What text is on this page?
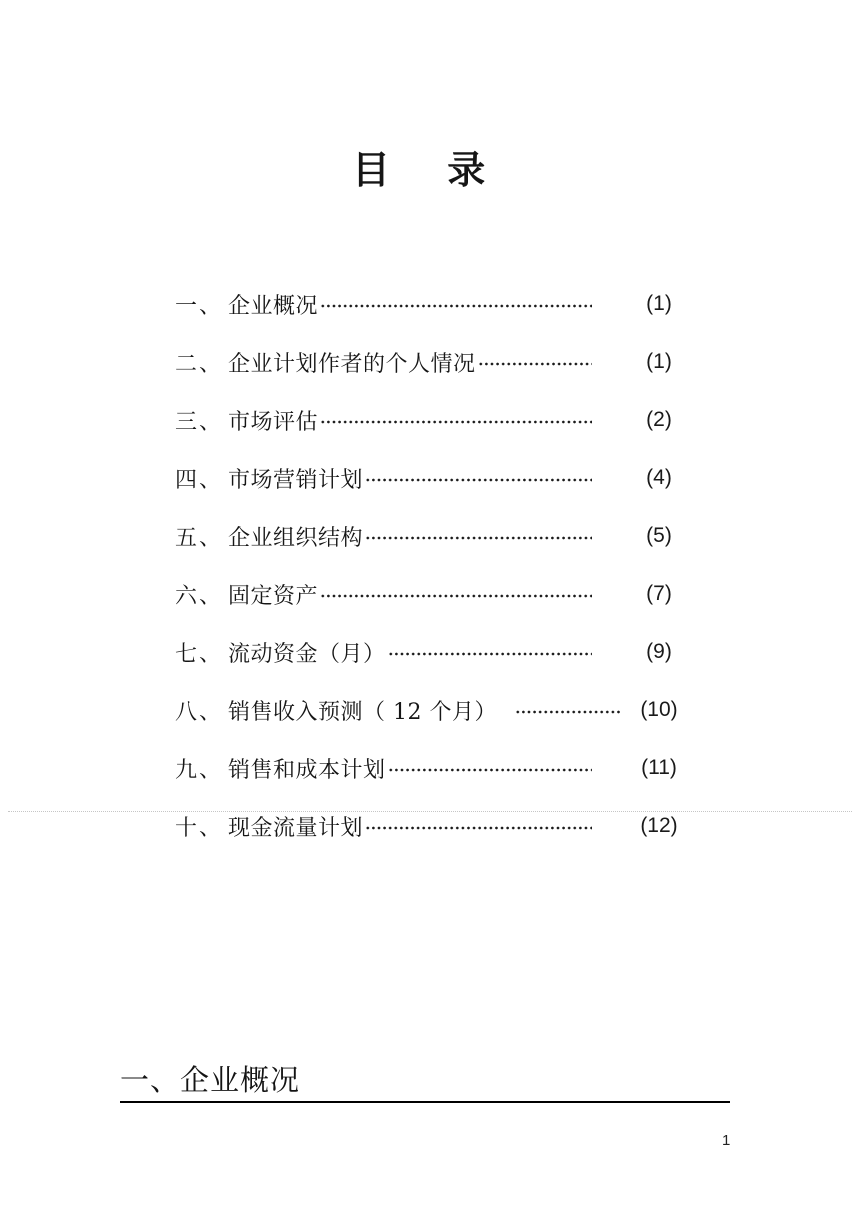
目 录
一、 企业概况	(1)
二、 企业计划作者的个人情况	(1)
三、 市场评估	(2)
四、 市场营销计划	(4)
五、 企业组织结构	(5)
六、 固定资产	(7)
七、 流动资金（月）	(9)
八、 销售收入预测（ 12 个月）	(10)
九、 销售和成本计划	(11)
十、 现金流量计划	(12)
一、企业概况
1
